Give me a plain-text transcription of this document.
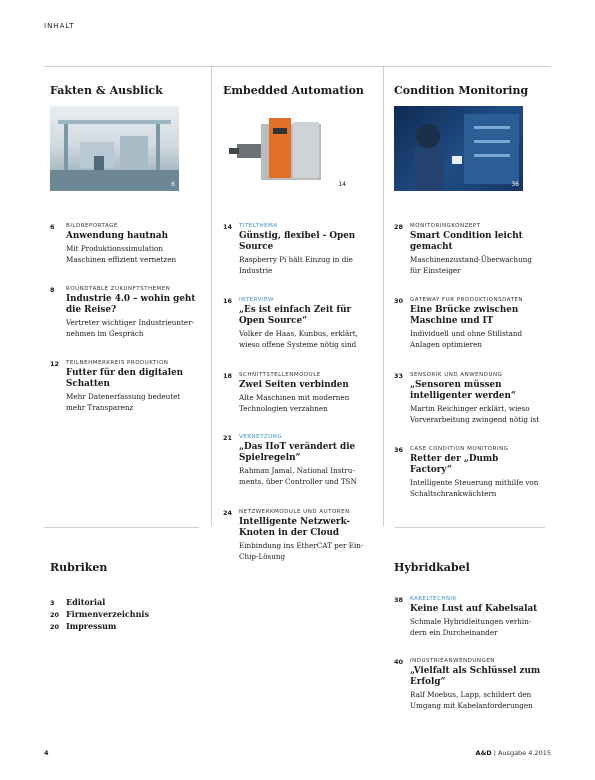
INHALT
Fakten & Ausblick	Embedded Automation	Condition Monitoring
6	14	36
6 BILDREPORTAGE
Anwendung hautnah
Mit Produktionssimulation Maschinen effizient vernetzen
8 ROUNDTABLE ZUKUNFTSTHEMEN
Industrie 4.0 – wohin geht die Reise?
Vertreter wichtiger Industrieunternehmen im Gespräch
12 TEILNEHMERKREIS PRODUKTION
Futter für den digitalen Schatten
Mehr Datenerfassung bedeutet mehr Transparenz
14 TITELTHEMA
Günstig, flexibel - Open Source
Raspberry Pi hält Einzug in die Industrie
16 INTERVIEW
„Es ist einfach Zeit für Open Source“
Volker de Haas, Kunbus, erklärt, wieso offene Systeme nötig sind
18 SCHNITTSTELLENMODULE
Zwei Seiten verbinden
Alte Maschinen mit modernen Technologien verzahnen
21 VERNETZUNG
„Das IIoT verändert die Spielregeln“
Rahman Jamal, National Instruments, über Controller und TSN
24 NETZWERKMODULE UND AUTOREN
Intelligente Netzwerk-Knoten in der Cloud
Einbindung ins EtherCAT per Ein-Chip-Lösung
28 MONITORINGKONZEPT
Smart Condition leicht gemacht
Maschinenzustand-Überwachung für Einsteiger
30 GATEWAY FÜR PRODUKTIONSDATEN
Eine Brücke zwischen Maschine und IT
Individuell und ohne Stillstand Anlagen optimieren
33 SENSORIK UND ANWENDUNG
„Sensoren müssen intelligenter werden“
Martin Reichinger erklärt, wieso Vorverarbeitung zwingend nötig ist
36 CASE CONDITION MONITORING
Retter der „Dumb Factory“
Intelligente Steuerung mithilfe von Schaltschrankwächtern
Rubriken
3 Editorial
20 Firmenverzeichnis
20 Impressum
Hybridkabel
38 KABELTECHNIK
Keine Lust auf Kabelsalat
Schmale Hybridleitungen verhindern ein Durcheinander
40 INDUSTRIEANWENDUNGEN
„Vielfalt als Schlüssel zum Erfolg“
Ralf Moebus, Lapp, schildert den Umgang mit Kabelanforderungen
4	A&D | Ausgabe 4.2015
